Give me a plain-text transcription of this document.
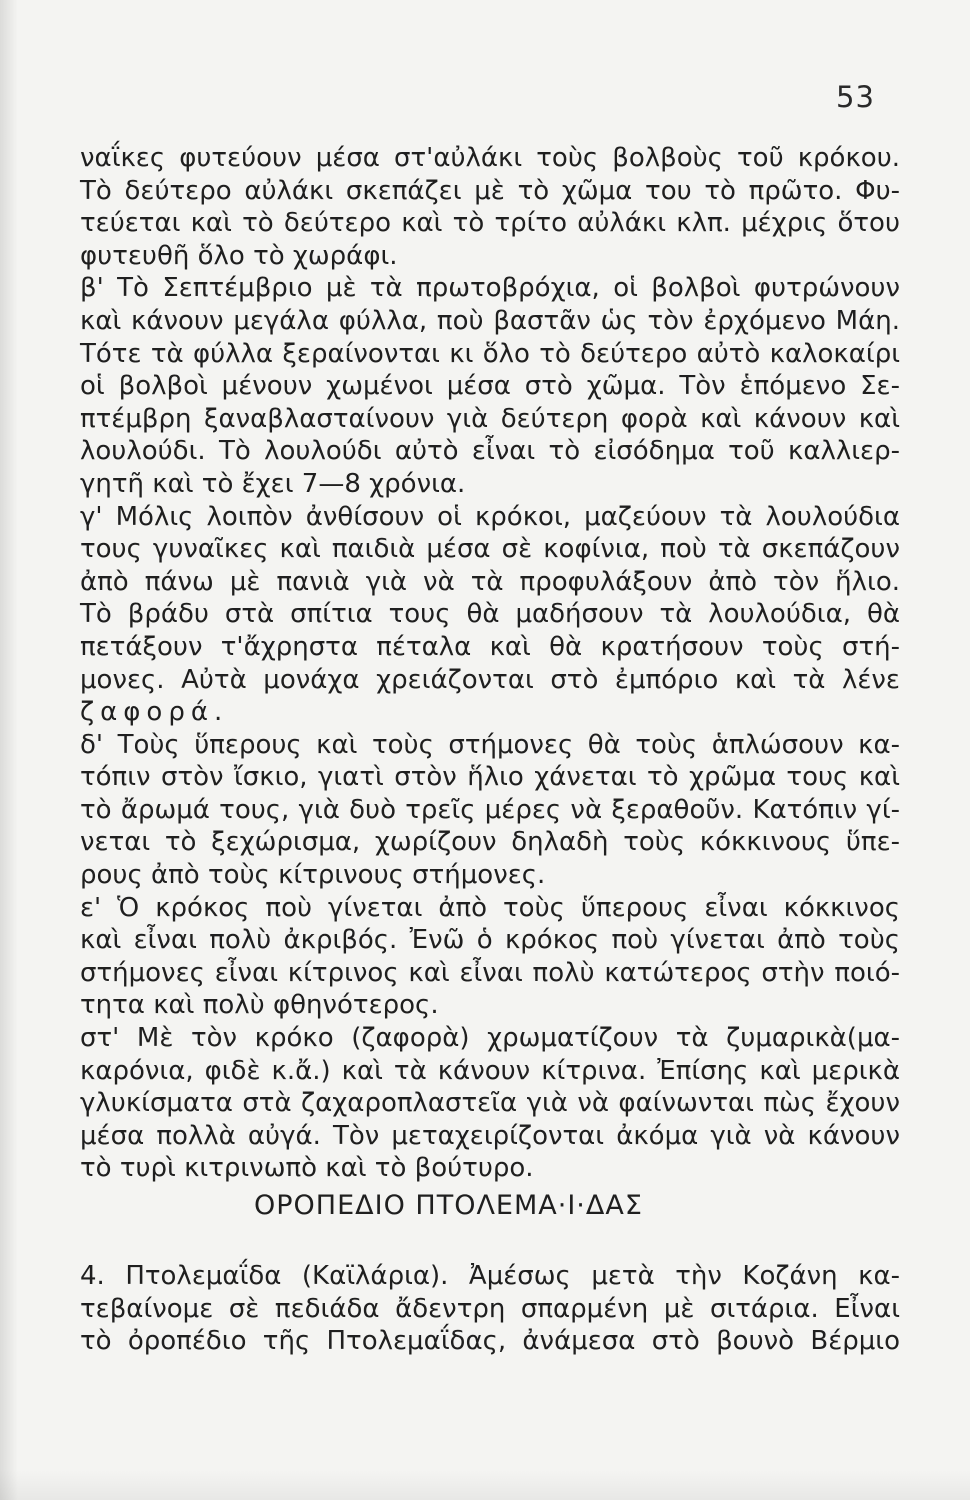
53
ναΐκες φυτεύουν μέσα στ'αὐλάκι τοὺς βολβοὺς τοῦ κρόκου.
Τὸ δεύτερο αὐλάκι σκεπάζει μὲ τὸ χῶμα του τὸ πρῶτο. Φυ-
τεύεται καὶ τὸ δεύτερο καὶ τὸ τρίτο αὐλάκι κλπ. μέχρις ὅτου
φυτευθῆ ὅλο τὸ χωράφι.
β' Τὸ Σεπτέμβριο μὲ τὰ πρωτοβρόχια, οἱ βολβοὶ φυτρώνουν
καὶ κάνουν μεγάλα φύλλα, ποὺ βαστᾶν ὡς τὸν ἐρχόμενο Μάη.
Τότε τὰ φύλλα ξεραίνονται κι ὅλο τὸ δεύτερο αὐτὸ καλοκαίρι
οἱ βολβοὶ μένουν χωμένοι μέσα στὸ χῶμα. Τὸν ἑπόμενο Σε-
πτέμβρη ξαναβλασταίνουν γιὰ δεύτερη φορὰ καὶ κάνουν καὶ
λουλούδι. Τὸ λουλούδι αὐτὸ εἶναι τὸ εἰσόδημα τοῦ καλλιερ-
γητῆ καὶ τὸ ἔχει 7—8 χρόνια.
γ' Μόλις λοιπὸν ἀνθίσουν οἱ κρόκοι, μαζεύουν τὰ λουλούδια
τους γυναῖκες καὶ παιδιὰ μέσα σὲ κοφίνια, ποὺ τὰ σκεπάζουν
ἀπὸ πάνω μὲ πανιὰ γιὰ νὰ τὰ προφυλάξουν ἀπὸ τὸν ἥλιο.
Τὸ βράδυ στὰ σπίτια τους θὰ μαδήσουν τὰ λουλούδια, θὰ
πετάξουν τ'ἄχρηστα πέταλα καὶ θὰ κρατήσουν τοὺς στή-
μονες. Αὐτὰ μονάχα χρειάζονται στὸ ἐμπόριο καὶ τὰ λένε
ζαφορά.
δ' Τοὺς ὕπερους καὶ τοὺς στήμονες θὰ τοὺς ἁπλώσουν κα-
τόπιν στὸν ἴσκιο, γιατὶ στὸν ἥλιο χάνεται τὸ χρῶμα τους καὶ
τὸ ἄρωμά τους, γιὰ δυὸ τρεῖς μέρες νὰ ξεραθοῦν. Κατόπιν γί-
νεται τὸ ξεχώρισμα, χωρίζουν δηλαδὴ τοὺς κόκκινους ὕπε-
ρους ἀπὸ τοὺς κίτρινους στήμονες.
ε' Ὁ κρόκος ποὺ γίνεται ἀπὸ τοὺς ὕπερους εἶναι κόκκινος
καὶ εἶναι πολὺ ἀκριβός. Ἐνῶ ὁ κρόκος ποὺ γίνεται ἀπὸ τοὺς
στήμονες εἶναι κίτρινος καὶ εἶναι πολὺ κατώτερος στὴν ποιό-
τητα καὶ πολὺ φθηνότερος.
στ' Μὲ τὸν κρόκο (ζαφορὰ) χρωματίζουν τὰ ζυμαρικὰ(μα-
καρόνια, φιδὲ κ.ἄ.) καὶ τὰ κάνουν κίτρινα. Ἐπίσης καὶ μερικὰ
γλυκίσματα στὰ ζαχαροπλαστεῖα γιὰ νὰ φαίνωνται πὼς ἔχουν
μέσα πολλὰ αὐγά. Τὸν μεταχειρίζονται ἀκόμα γιὰ νὰ κάνουν
τὸ τυρὶ κιτρινωπὸ καὶ τὸ βούτυρο.
ΟΡΟΠΕΔΙΟ ΠΤΟΛΕΜΑ·Ι·ΔΑΣ
4. Πτολεμαΐδα (Καϊλάρια). Ἀμέσως μετὰ τὴν Κοζάνη κα-
τεβαίνομε σὲ πεδιάδα ἄδεντρη σπαρμένη μὲ σιτάρια. Εἶναι
τὸ ὀροπέδιο τῆς Πτολεμαΐδας, ἀνάμεσα στὸ βουνὸ Βέρμιο
